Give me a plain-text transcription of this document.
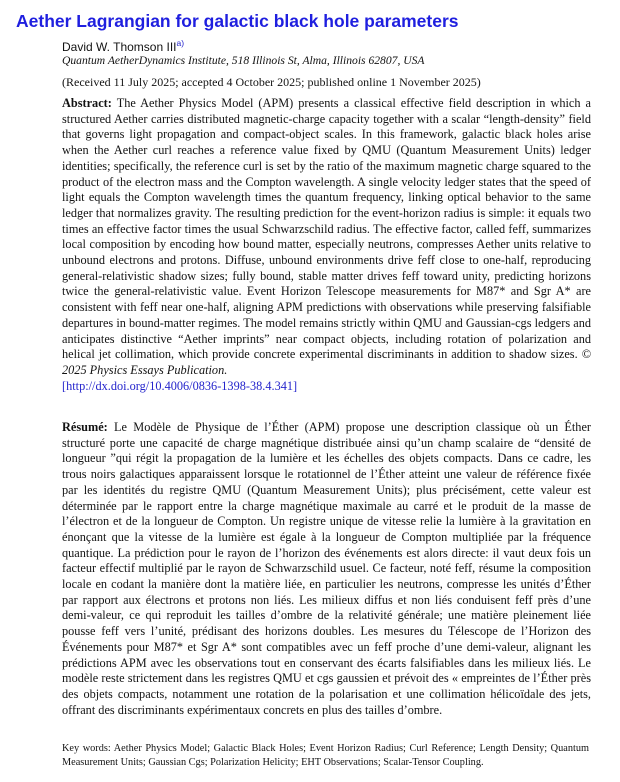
Aether Lagrangian for galactic black hole parameters
David W. Thomson III$^{a)}$
Quantum AetherDynamics Institute, 518 Illinois St, Alma, Illinois 62807, USA
(Received 11 July 2025; accepted 4 October 2025; published online 1 November 2025)

Abstract: The Aether Physics Model (APM) presents a classical effective field description in which a structured Aether carries distributed magnetic-charge capacity together with a scalar “length-density” field that governs light propagation and compact-object scales. In this framework, galactic black holes arise when the Aether curl reaches a reference value fixed by QMU (Quantum Measurement Units) ledger identities; specifically, the reference curl is set by the ratio of the maximum magnetic charge squared to the product of the electron mass and the Compton wavelength. A single velocity ledger states that the speed of light equals the Compton wavelength times the quantum frequency, linking optical behavior to the same ledger that normalizes gravity. The resulting prediction for the event-horizon radius is simple: it equals two times an effective factor times the usual Schwarzschild radius. The effective factor, called feff, summarizes local composition by encoding how bound matter, especially neutrons, compresses Aether units relative to unbound electrons and protons. Diffuse, unbound environments drive feff close to one-half, reproducing general-relativistic shadow sizes; fully bound, stable matter drives feff toward unity, predicting horizons twice the general-relativistic value. Event Horizon Telescope measurements for M87* and Sgr A* are consistent with feff near one-half, aligning APM predictions with observations while preserving falsifiable departures in bound-matter regimes. The model remains strictly within QMU and Gaussian-cgs ledgers and anticipates distinctive “Aether imprints” near compact objects, including rotation of polarization and helical jet collimation, which provide concrete experimental discriminants in addition to shadow sizes. © 2025 Physics Essays Publication.
[http://dx.doi.org/10.4006/0836-1398-38.4.341]

Résumé: Le Modèle de Physique de l’Éther (APM) propose une description classique où un Éther structuré porte une capacité de charge magnétique distribuée ainsi qu’un champ scalaire de “densité de longueur ”qui régit la propagation de la lumière et les échelles des objets compacts. Dans ce cadre, les trous noirs galactiques apparaissent lorsque le rotationnel de l’Éther atteint une valeur de référence fixée par les identités du registre QMU (Quantum Measurement Units); plus précisément, cette valeur est déterminée par le rapport entre la charge magnétique maximale au carré et le produit de la masse de l’électron et de la longueur de Compton. Un registre unique de vitesse relie la lumière à la gravitation en énonçant que la vitesse de la lumière est égale à la longueur de Compton multipliée par la fréquence quantique. La prédiction pour le rayon de l’horizon des événements est alors directe: il vaut deux fois un facteur effectif multiplié par le rayon de Schwarzschild usuel. Ce facteur, noté feff, résume la composition locale en codant la manière dont la matière liée, en particulier les neutrons, compresse les unités d’Éther par rapport aux électrons et protons non liés. Les milieux diffus et non liés conduisent feff près d’une demi-valeur, ce qui reproduit les tailles d’ombre de la relativité générale; une matière pleinement liée pousse feff vers l’unité, prédisant des horizons doubles. Les mesures du Télescope de l’Horizon des Événements pour M87* et Sgr A* sont compatibles avec un feff proche d’une demi-valeur, alignant les prédictions APM avec les observations tout en conservant des écarts falsifiables dans les milieux liés. Le modèle reste strictement dans les registres QMU et cgs gaussien et prévoit des « empreintes de l’Éther près des objets compacts, notamment une rotation de la polarisation et une collimation hélicoïdale des jets, offrant des discriminants expérimentaux concrets en plus des tailles d’ombre.

Key words: Aether Physics Model; Galactic Black Holes; Event Horizon Radius; Curl Reference; Length Density; Quantum Measurement Units; Gaussian Cgs; Polarization Helicity; EHT Observations; Scalar-Tensor Coupling.
